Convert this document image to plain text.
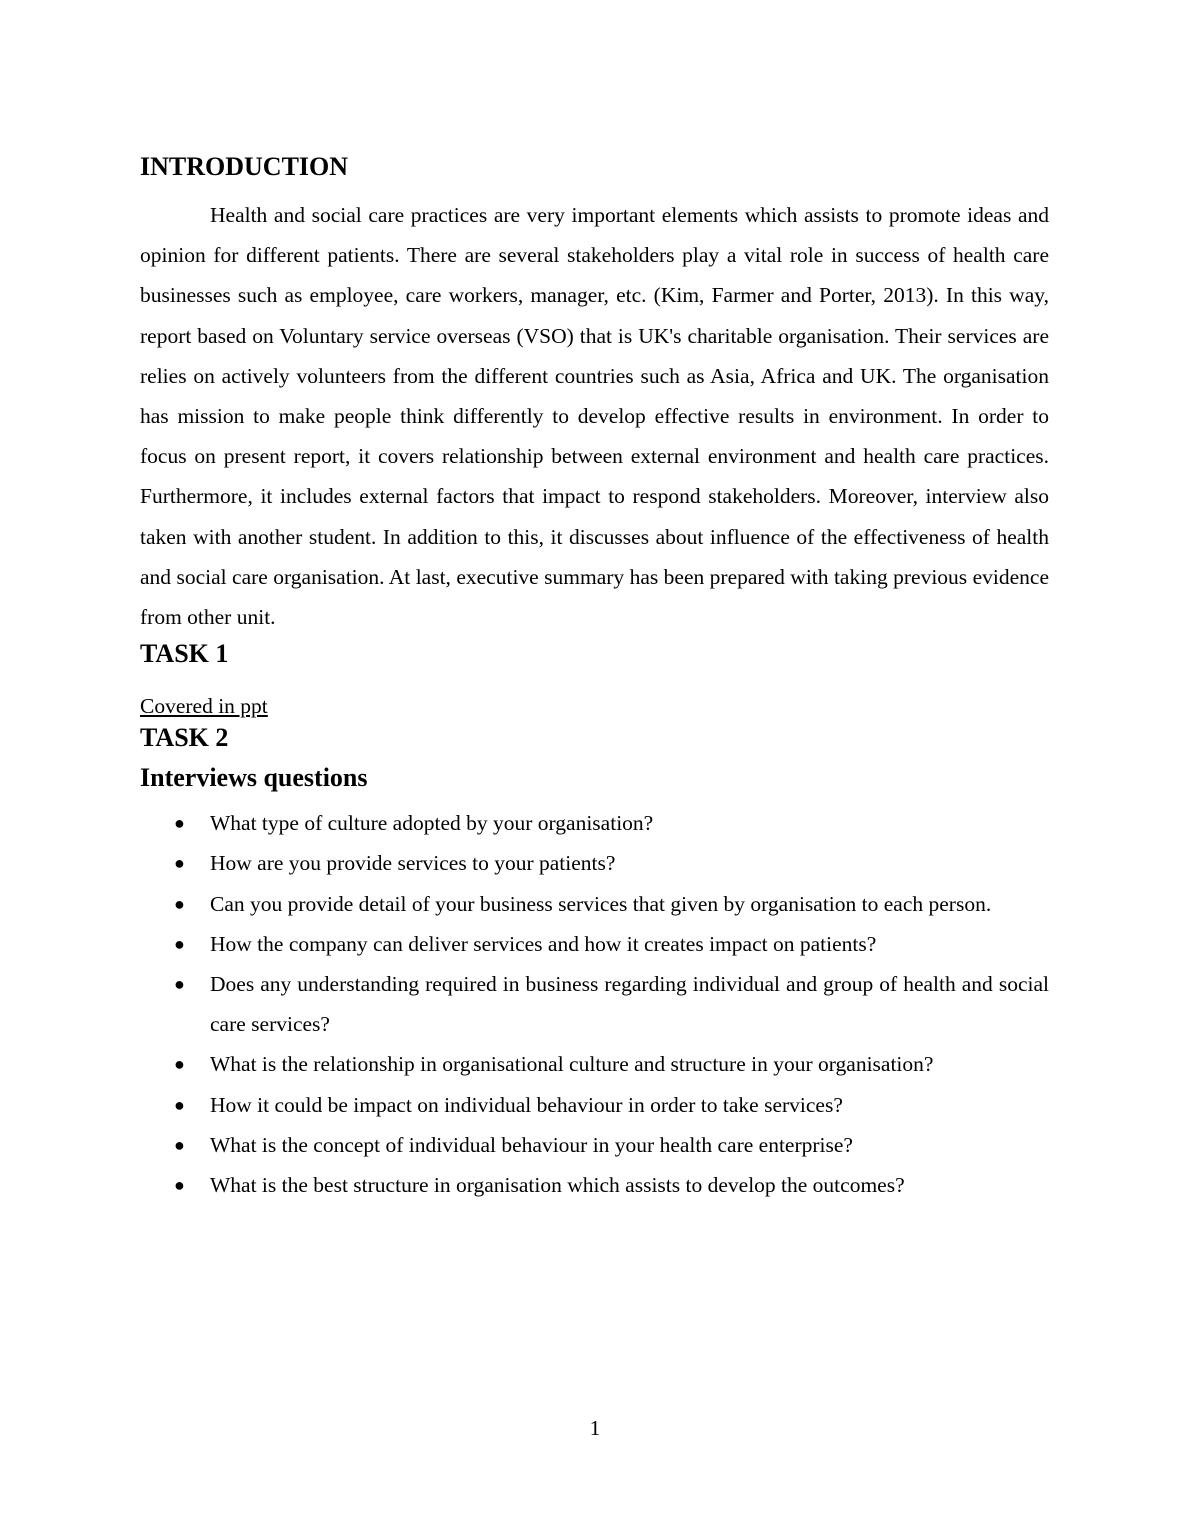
INTRODUCTION

Health and social care practices are very important elements which assists to promote ideas and opinion for different patients. There are several stakeholders play a vital role in success of health care businesses such as employee, care workers, manager, etc. (Kim, Farmer and Porter, 2013). In this way, report based on Voluntary service overseas (VSO) that is UK's charitable organisation. Their services are relies on actively volunteers from the different countries such as Asia, Africa and UK. The organisation has mission to make people think differently to develop effective results in environment. In order to focus on present report, it covers relationship between external environment and health care practices. Furthermore, it includes external factors that impact to respond stakeholders. Moreover, interview also taken with another student. In addition to this, it discusses about influence of the effectiveness of health and social care organisation. At last, executive summary has been prepared with taking previous evidence from other unit.

TASK 1

Covered in ppt

TASK 2
Interviews questions
● What type of culture adopted by your organisation?
● How are you provide services to your patients?
● Can you provide detail of your business services that given by organisation to each person.
● How the company can deliver services and how it creates impact on patients?
● Does any understanding required in business regarding individual and group of health and social care services?
● What is the relationship in organisational culture and structure in your organisation?
● How it could be impact on individual behaviour in order to take services?
● What is the concept of individual behaviour in your health care enterprise?
● What is the best structure in organisation which assists to develop the outcomes?
1
